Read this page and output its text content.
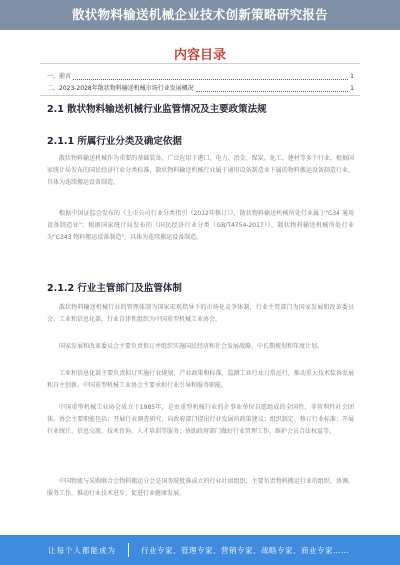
散状物料输送机械企业技术创新策略研究报告
内容目录
一、前言	1
二、2023-2028年散状物料输送机械市场行业发展概况	1
2.1 散状物料输送机械行业监管情况及主要政策法规
2.1.1 所属行业分类及确定依据
散状物料输送机械作为重要的基础装备，广泛应用于港口、电力、冶金、煤炭、化工、建材等多个行业。根据国家统计局发布的国民经济行业分类标准，散状物料输送机械行业属于通用设备制造业下属的物料搬运设备制造行业，具体为连续搬运设备制造。
根据中国证监会发布的《上市公司行业分类指引（2012年修订）》，散状物料输送机械所处行业属于"C34 通用设备制造业"；根据国家统计局发布的《国民经济行业分类（GB/T4754-2017）》，散状物料输送机械所处行业为"C343 物料搬运设备制造"，具体为连续搬运设备制造。
2.1.2 行业主管部门及监管体制
散状物料输送机械行业的管理体制为国家宏观指导下的市场化竞争体制，行业主管部门为国家发展和改革委员会、工业和信息化部，行业自律性组织为中国重型机械工业协会。
国家发展和改革委员会主要负责拟订并组织实施国民经济和社会发展战略、中长期规划和年度计划。
工业和信息化部主要负责拟订实施行业规划、产业政策和标准，监测工业行业日常运行，推动重大技术装备发展和自主创新。中国重型机械工业协会主要承担行业引导和服务职能。
中国重型机械工业协会成立于1985年，是由重型机械行业的企事业单位自愿组成的全国性、非营利性社会团体。协会主要职能包括：开展行业调查研究，向政府部门提出行业发展的政策建议；组织制定、修订行业标准；开展行业统计、信息交流、技术咨询、人才培训等服务；协助政府部门做好行业管理工作，维护会员合法权益等。
中国物流与采购联合会物料搬运分会是国务院批准成立的行业社团组织，主要负责物料搬运行业的组织、协调、服务工作，推动行业技术进步，促进行业健康发展。
让每个人都能成为	行业专家、管理专家、营销专家、战略专家、商业专家……
